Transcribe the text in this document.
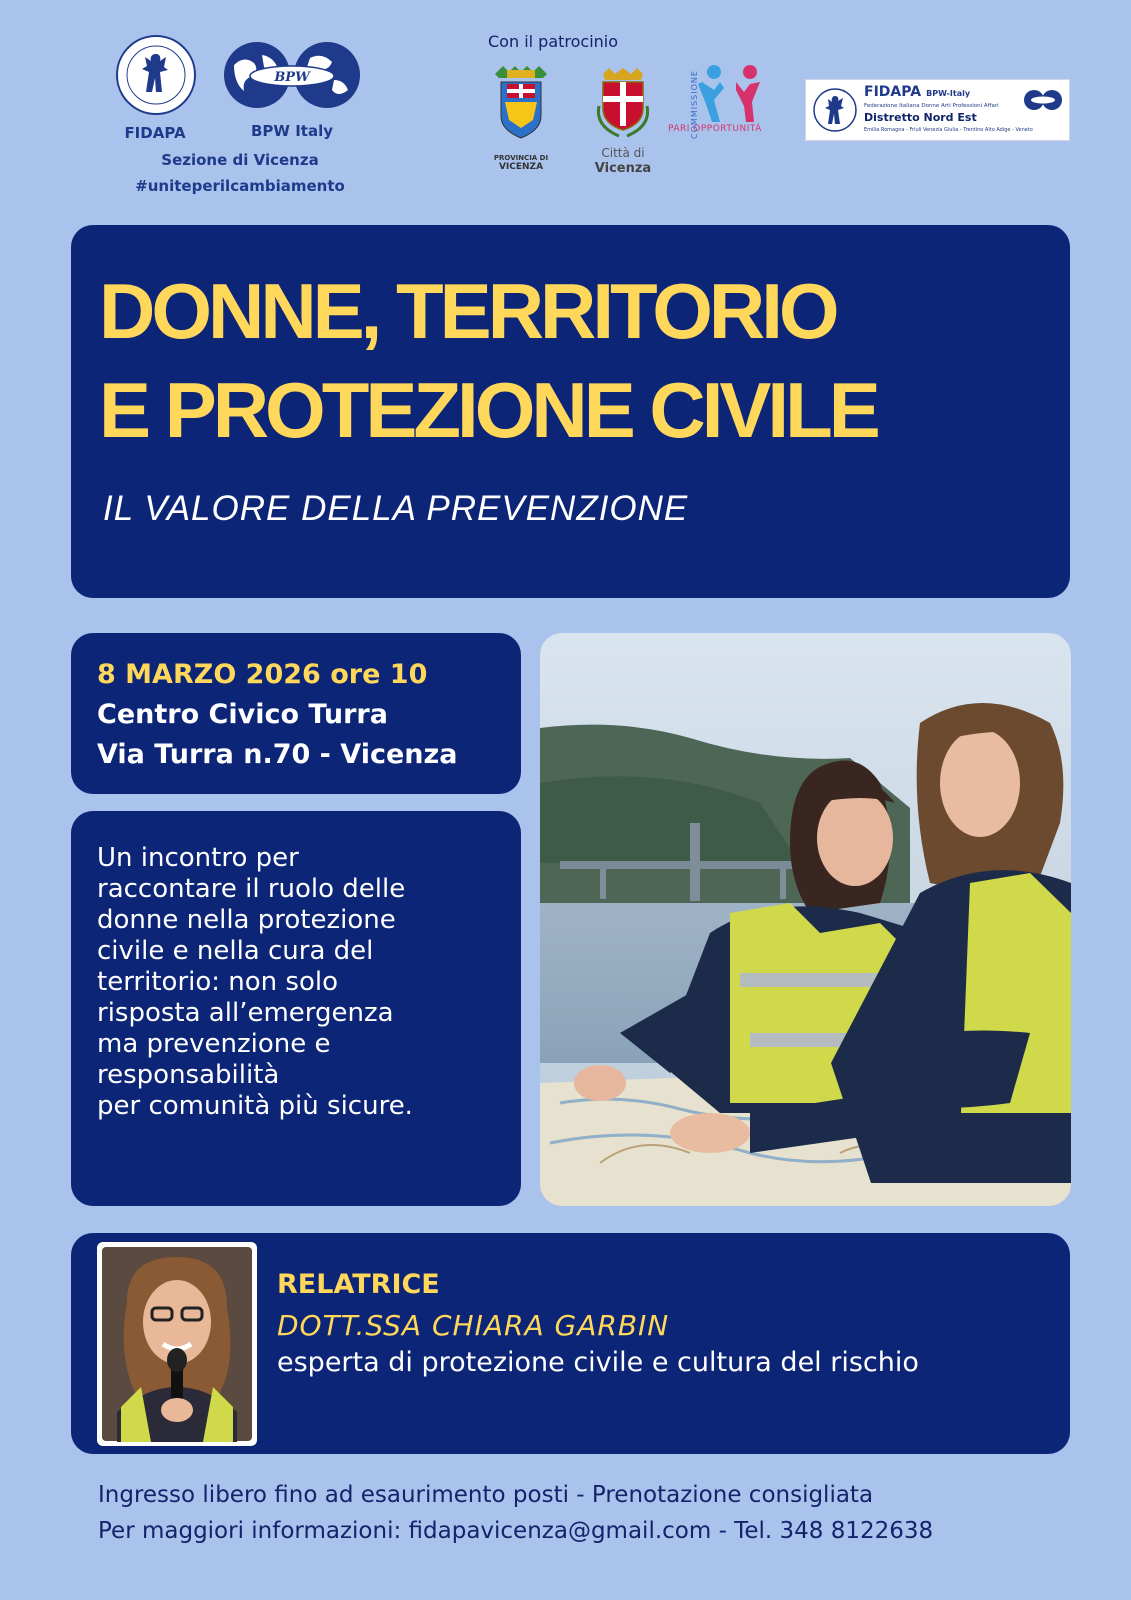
FIDAPA
BPW
BPW Italy
Sezione di Vicenza
#uniteperilcambiamento
Con il patrocinio
PROVINCIA DI
VICENZA
Città di
Vicenza
COMMISSIONE
PARI OPPORTUNITÀ
FIDAPA BPW-Italy
Federazione Italiana Donne Arti Professioni Affari
Distretto Nord Est
Emilia Romagna - Friuli Venezia Giulia - Trentino Alto Adige - Veneto
DONNE, TERRITORIO
E PROTEZIONE CIVILE
IL VALORE DELLA PREVENZIONE
8 MARZO 2026 ore 10
Centro Civico Turra
Via Turra n.70 - Vicenza
Un incontro per
raccontare il ruolo delle
donne nella protezione
civile e nella cura del
territorio: non solo
risposta all’emergenza
ma prevenzione e
responsabilità
per comunità più sicure.
RELATRICE
DOTT.SSA CHIARA GARBIN
esperta di protezione civile e cultura del rischio
Ingresso libero fino ad esaurimento posti - Prenotazione consigliata
Per maggiori informazioni: fidapavicenza@gmail.com - Tel. 348 8122638
